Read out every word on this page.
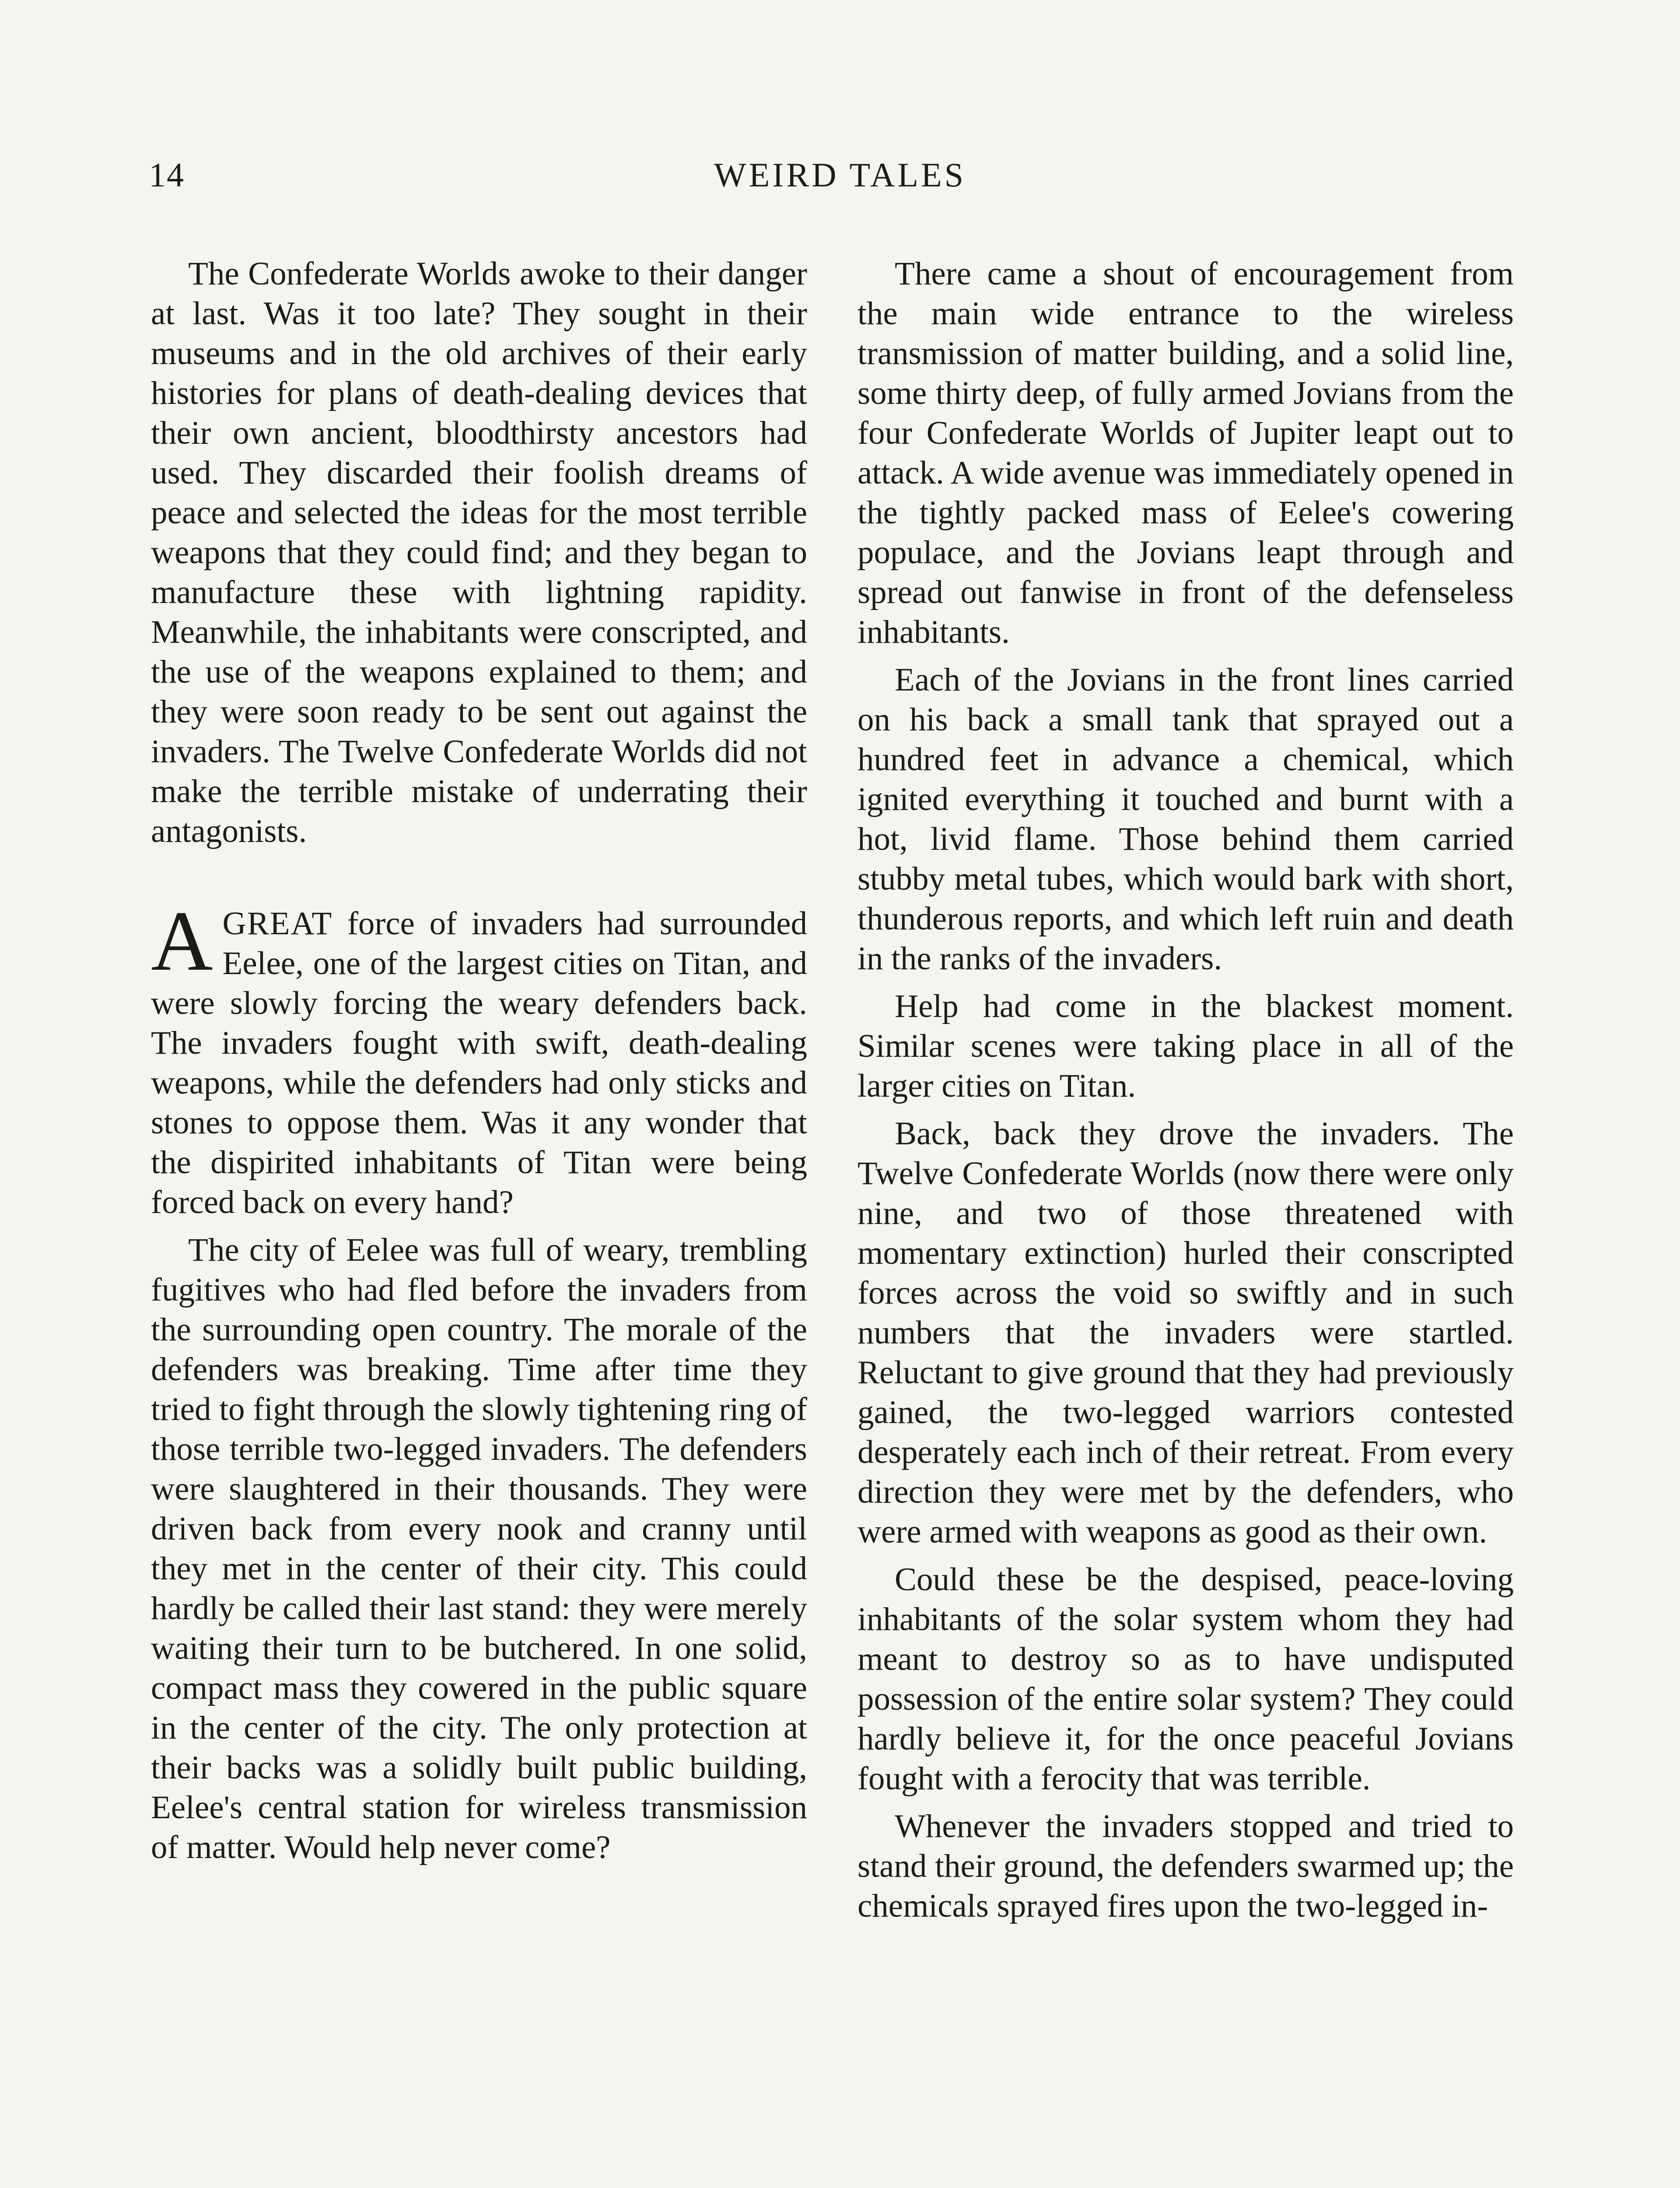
14	WEIRD TALES

The Confederate Worlds awoke to their danger at last. Was it too late? They sought in their museums and in the old archives of their early histories for plans of death-dealing devices that their own ancient, bloodthirsty ancestors had used. They discarded their foolish dreams of peace and selected the ideas for the most terrible weapons that they could find; and they began to manufacture these with lightning rapidity. Meanwhile, the inhabitants were conscripted, and the use of the weapons explained to them; and they were soon ready to be sent out against the invaders. The Twelve Confederate Worlds did not make the terrible mistake of underrating their antagonists.

AGREAT force of invaders had surrounded Eelee, one of the largest cities on Titan, and were slowly forcing the weary defenders back. The invaders fought with swift, death-dealing weapons, while the defenders had only sticks and stones to oppose them. Was it any wonder that the dispirited inhabitants of Titan were being forced back on every hand?

The city of Eelee was full of weary, trembling fugitives who had fled before the invaders from the surrounding open country. The morale of the defenders was breaking. Time after time they tried to fight through the slowly tightening ring of those terrible two-legged invaders. The defenders were slaughtered in their thousands. They were driven back from every nook and cranny until they met in the center of their city. This could hardly be called their last stand: they were merely waiting their turn to be butchered. In one solid, compact mass they cowered in the public square in the center of the city. The only protection at their backs was a solidly built public building, Eelee's central station for wireless transmission of matter. Would help never come?

There came a shout of encouragement from the main wide entrance to the wireless transmission of matter building, and a solid line, some thirty deep, of fully armed Jovians from the four Confederate Worlds of Jupiter leapt out to attack. A wide avenue was immediately opened in the tightly packed mass of Eelee's cowering populace, and the Jovians leapt through and spread out fanwise in front of the defenseless inhabitants.

Each of the Jovians in the front lines carried on his back a small tank that sprayed out a hundred feet in advance a chemical, which ignited everything it touched and burnt with a hot, livid flame. Those behind them carried stubby metal tubes, which would bark with short, thunderous reports, and which left ruin and death in the ranks of the invaders.

Help had come in the blackest moment. Similar scenes were taking place in all of the larger cities on Titan.

Back, back they drove the invaders. The Twelve Confederate Worlds (now there were only nine, and two of those threatened with momentary extinction) hurled their conscripted forces across the void so swiftly and in such numbers that the invaders were startled. Reluctant to give ground that they had previously gained, the two-legged warriors contested desperately each inch of their retreat. From every direction they were met by the defenders, who were armed with weapons as good as their own.

Could these be the despised, peace-loving inhabitants of the solar system whom they had meant to destroy so as to have undisputed possession of the entire solar system? They could hardly believe it, for the once peaceful Jovians fought with a ferocity that was terrible.

Whenever the invaders stopped and tried to stand their ground, the defenders swarmed up; the chemicals sprayed fires upon the two-legged in-
